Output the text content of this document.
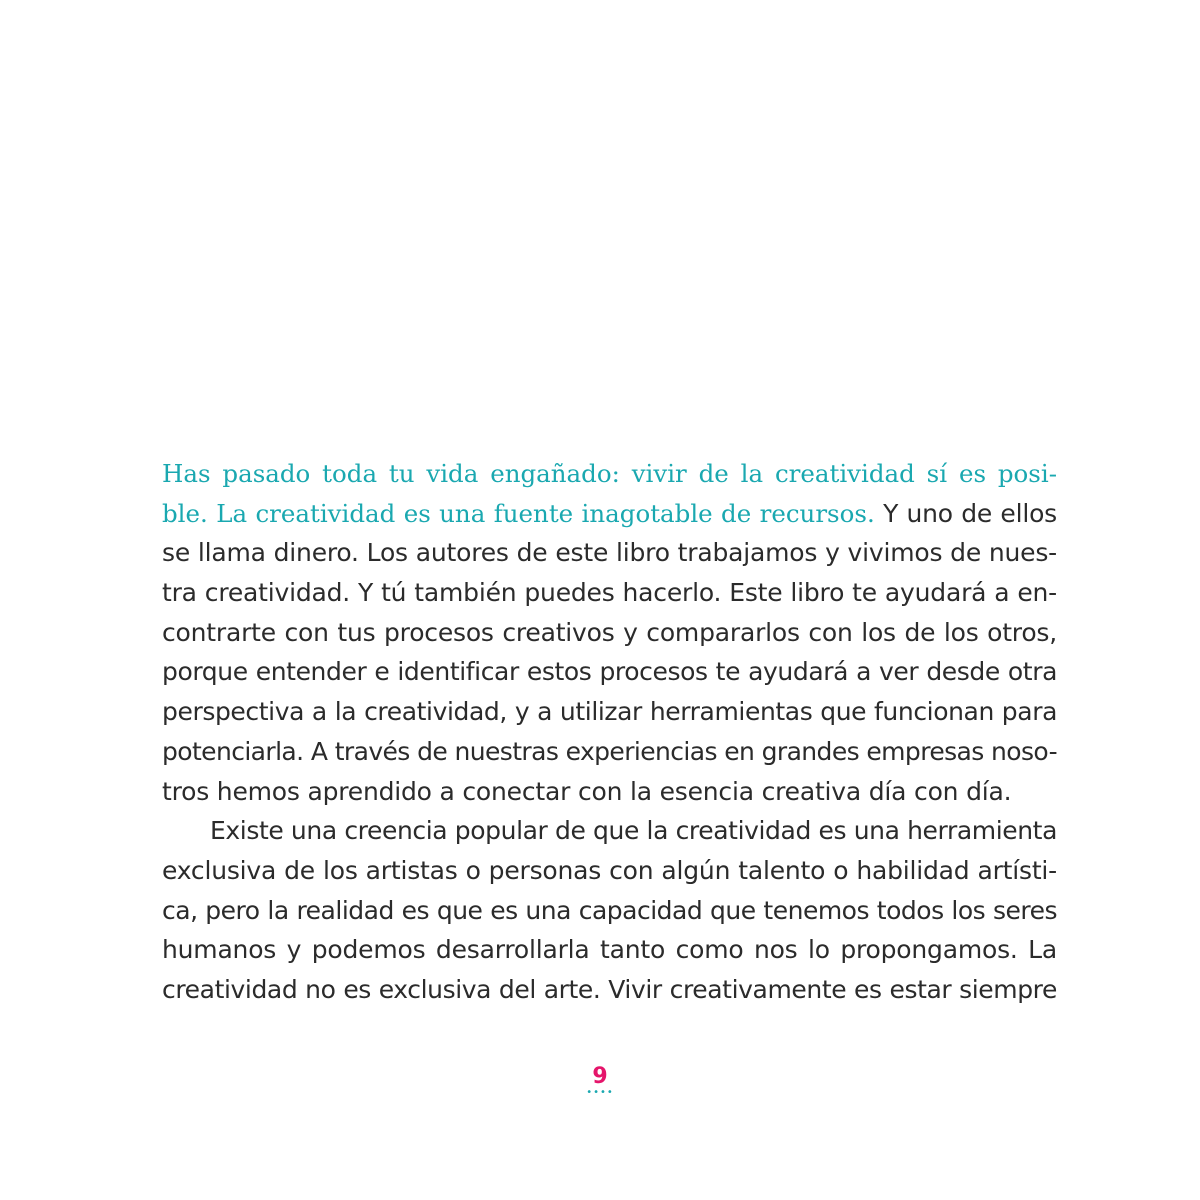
Has pasado toda tu vida engañado: vivir de la creatividad sí es posi-
ble. La creatividad es una fuente inagotable de recursos. Y uno de ellos
se llama dinero. Los autores de este libro trabajamos y vivimos de nues-
tra creatividad. Y tú también puedes hacerlo. Este libro te ayudará a en-
contrarte con tus procesos creativos y compararlos con los de los otros,
porque entender e identificar estos procesos te ayudará a ver desde otra
perspectiva a la creatividad, y a utilizar herramientas que funcionan para
potenciarla. A través de nuestras experiencias en grandes empresas noso-
tros hemos aprendido a conectar con la esencia creativa día con día.
Existe una creencia popular de que la creatividad es una herramienta
exclusiva de los artistas o personas con algún talento o habilidad artísti-
ca, pero la realidad es que es una capacidad que tenemos todos los seres
humanos y podemos desarrollarla tanto como nos lo propongamos. La
creatividad no es exclusiva del arte. Vivir creativamente es estar siempre
9
••••
